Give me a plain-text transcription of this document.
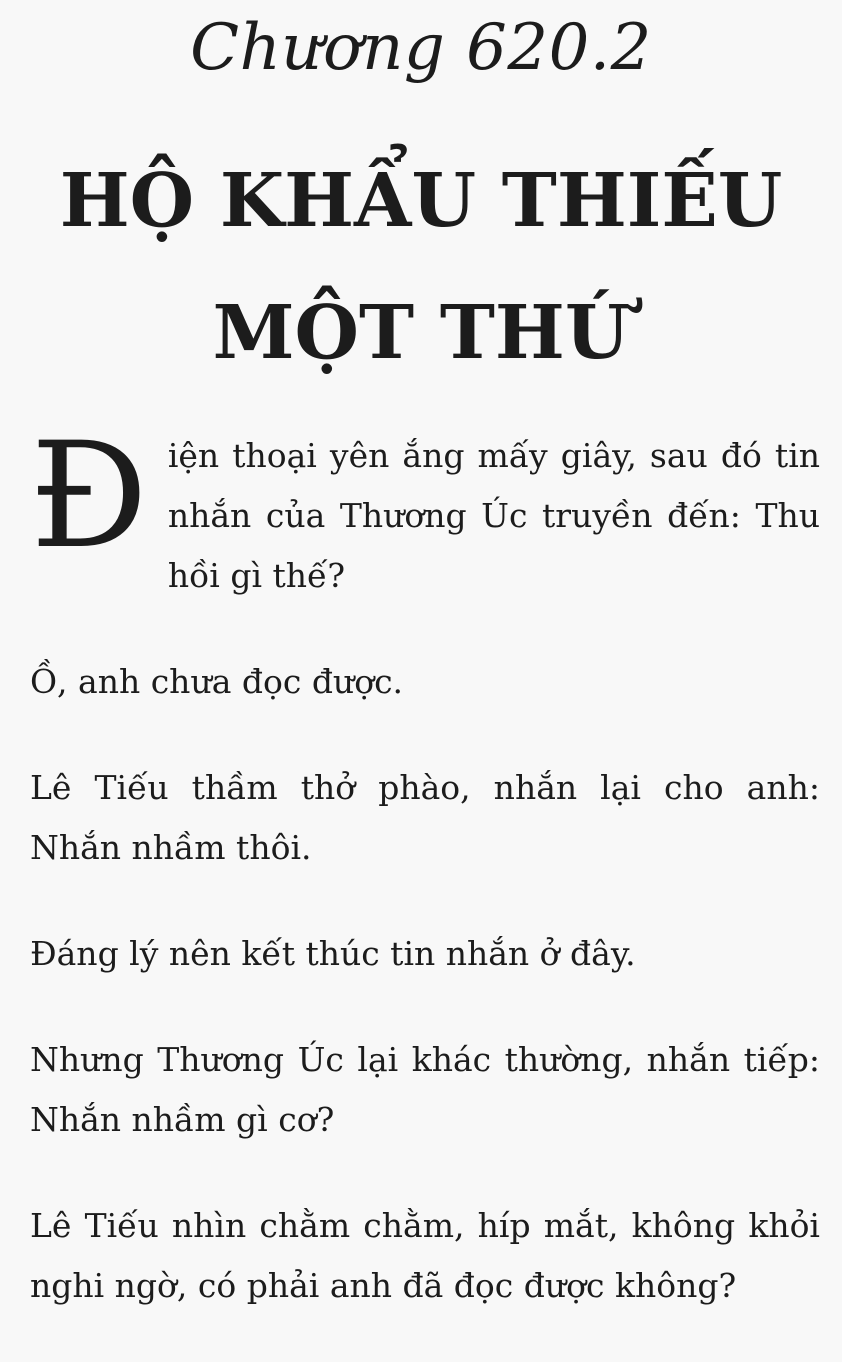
Chương 620.2
HỘ KHẨU THIẾU MỘT THỨ

Điện thoại yên ắng mấy giây, sau đó tin nhắn của Thương Úc truyền đến: Thu hồi gì thế?

Ồ, anh chưa đọc được.

Lê Tiếu thầm thở phào, nhắn lại cho anh: Nhắn nhầm thôi.

Đáng lý nên kết thúc tin nhắn ở đây.

Nhưng Thương Úc lại khác thường, nhắn tiếp: Nhắn nhầm gì cơ?

Lê Tiếu nhìn chằm chằm, híp mắt, không khỏi nghi ngờ, có phải anh đã đọc được không?
